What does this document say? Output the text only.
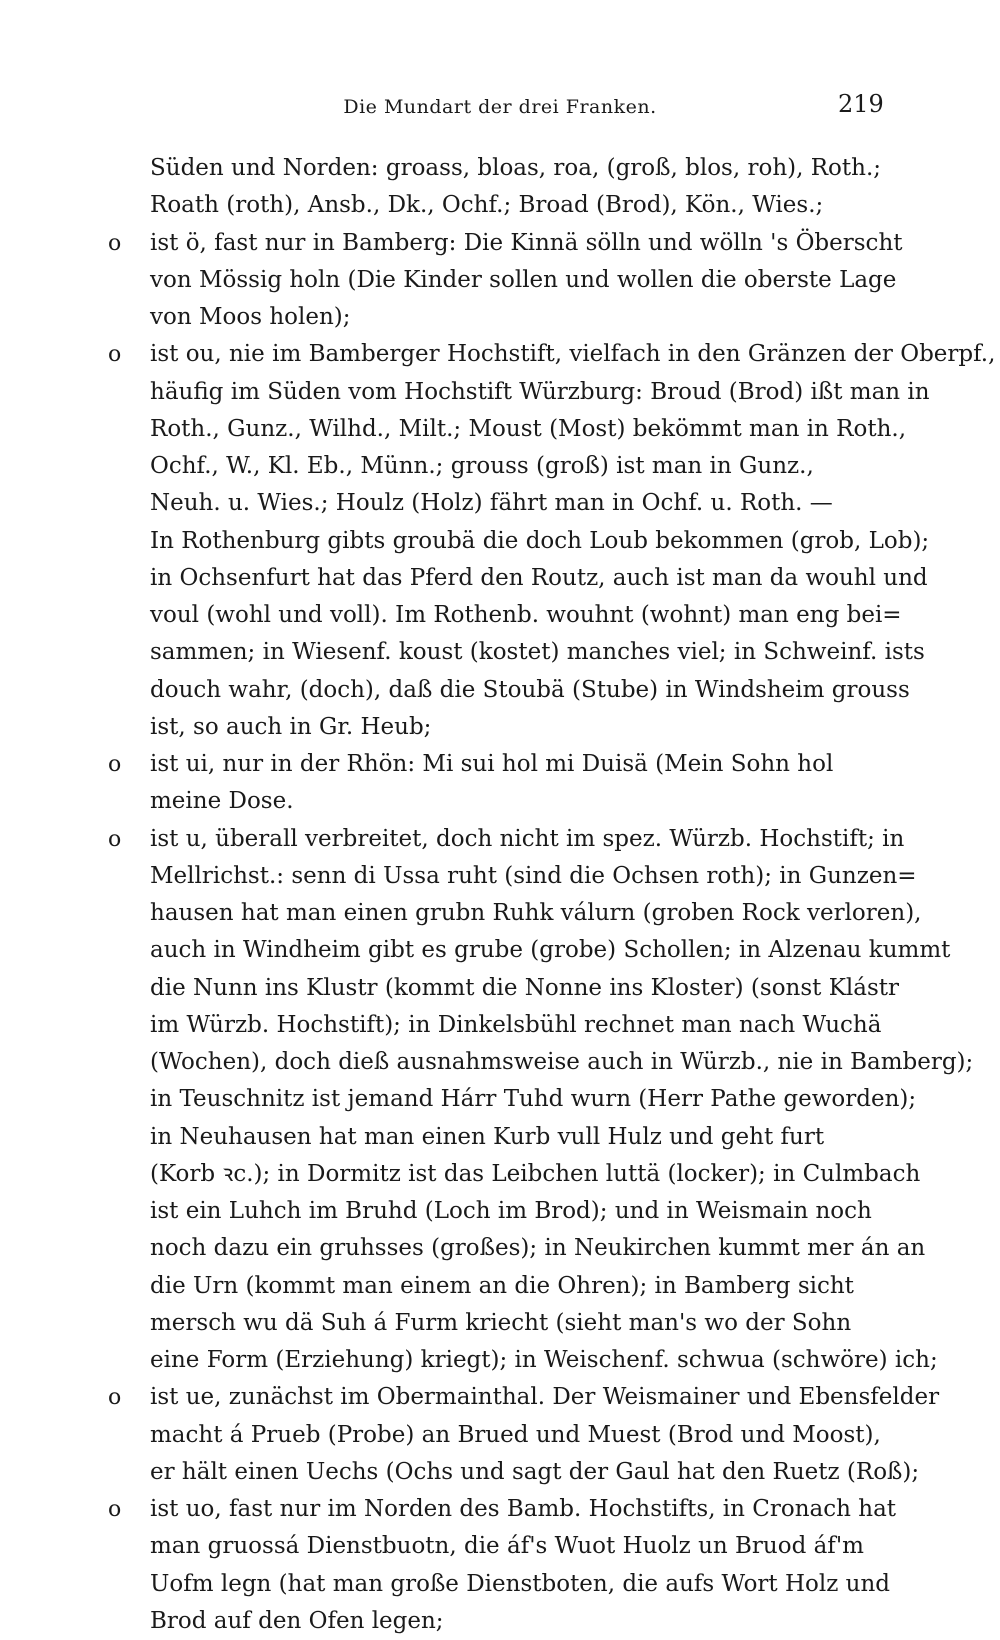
Die Mundart der drei Franken.	219
Süden und Norden: groass, bloas, roa, (groß, blos, roh), Roth.;
Roath (roth), Ansb., Dk., Ochf.; Broad (Brod), Kön., Wies.;
o ist ö, fast nur in Bamberg: Die Kinnä sölln und wölln 's Öberscht
von Mössig holn (Die Kinder sollen und wollen die oberste Lage
von Moos holen);
o ist ou, nie im Bamberger Hochstift, vielfach in den Gränzen der Oberpf.,
häufig im Süden vom Hochstift Würzburg: Broud (Brod) ißt man in
Roth., Gunz., Wilhd., Milt.; Moust (Most) bekömmt man in Roth.,
Ochf., W., Kl. Eb., Münn.; grouss (groß) ist man in Gunz.,
Neuh. u. Wies.; Houlz (Holz) fährt man in Ochf. u. Roth. —
In Rothenburg gibts groubä die doch Loub bekommen (grob, Lob);
in Ochsenfurt hat das Pferd den Routz, auch ist man da wouhl und
voul (wohl und voll). Im Rothenb. wouhnt (wohnt) man eng bei=
sammen; in Wiesenf. koust (kostet) manches viel; in Schweinf. ists
douch wahr, (doch), daß die Stoubä (Stube) in Windsheim grouss
ist, so auch in Gr. Heub;
o ist ui, nur in der Rhön: Mi sui hol mi Duisä (Mein Sohn hol
meine Dose.
o ist u, überall verbreitet, doch nicht im spez. Würzb. Hochstift; in
Mellrichst.: senn di Ussa ruht (sind die Ochsen roth); in Gunzen=
hausen hat man einen grubn Ruhk válurn (groben Rock verloren),
auch in Windheim gibt es grube (grobe) Schollen; in Alzenau kummt
die Nunn ins Klustr (kommt die Nonne ins Kloster) (sonst Klástr
im Würzb. Hochstift); in Dinkelsbühl rechnet man nach Wuchä
(Wochen), doch dieß ausnahmsweise auch in Würzb., nie in Bamberg);
in Teuschnitz ist jemand Hárr Tuhd wurn (Herr Pathe geworden);
in Neuhausen hat man einen Kurb vull Hulz und geht furt
(Korb ꝛc.); in Dormitz ist das Leibchen luttä (locker); in Culmbach
ist ein Luhch im Bruhd (Loch im Brod); und in Weismain noch
noch dazu ein gruhsses (großes); in Neukirchen kummt mer án an
die Urn (kommt man einem an die Ohren); in Bamberg sicht
mersch wu dä Suh á Furm kriecht (sieht man's wo der Sohn
eine Form (Erziehung) kriegt); in Weischenf. schwua (schwöre) ich;
o ist ue, zunächst im Obermainthal. Der Weismainer und Ebensfelder
macht á Prueb (Probe) an Brued und Muest (Brod und Moost),
er hält einen Uechs (Ochs und sagt der Gaul hat den Ruetz (Roß);
o ist uo, fast nur im Norden des Bamb. Hochstifts, in Cronach hat
man gruossá Dienstbuotn, die áf's Wuot Huolz un Bruod áf'm
Uofm legn (hat man große Dienstboten, die aufs Wort Holz und
Brod auf den Ofen legen;
